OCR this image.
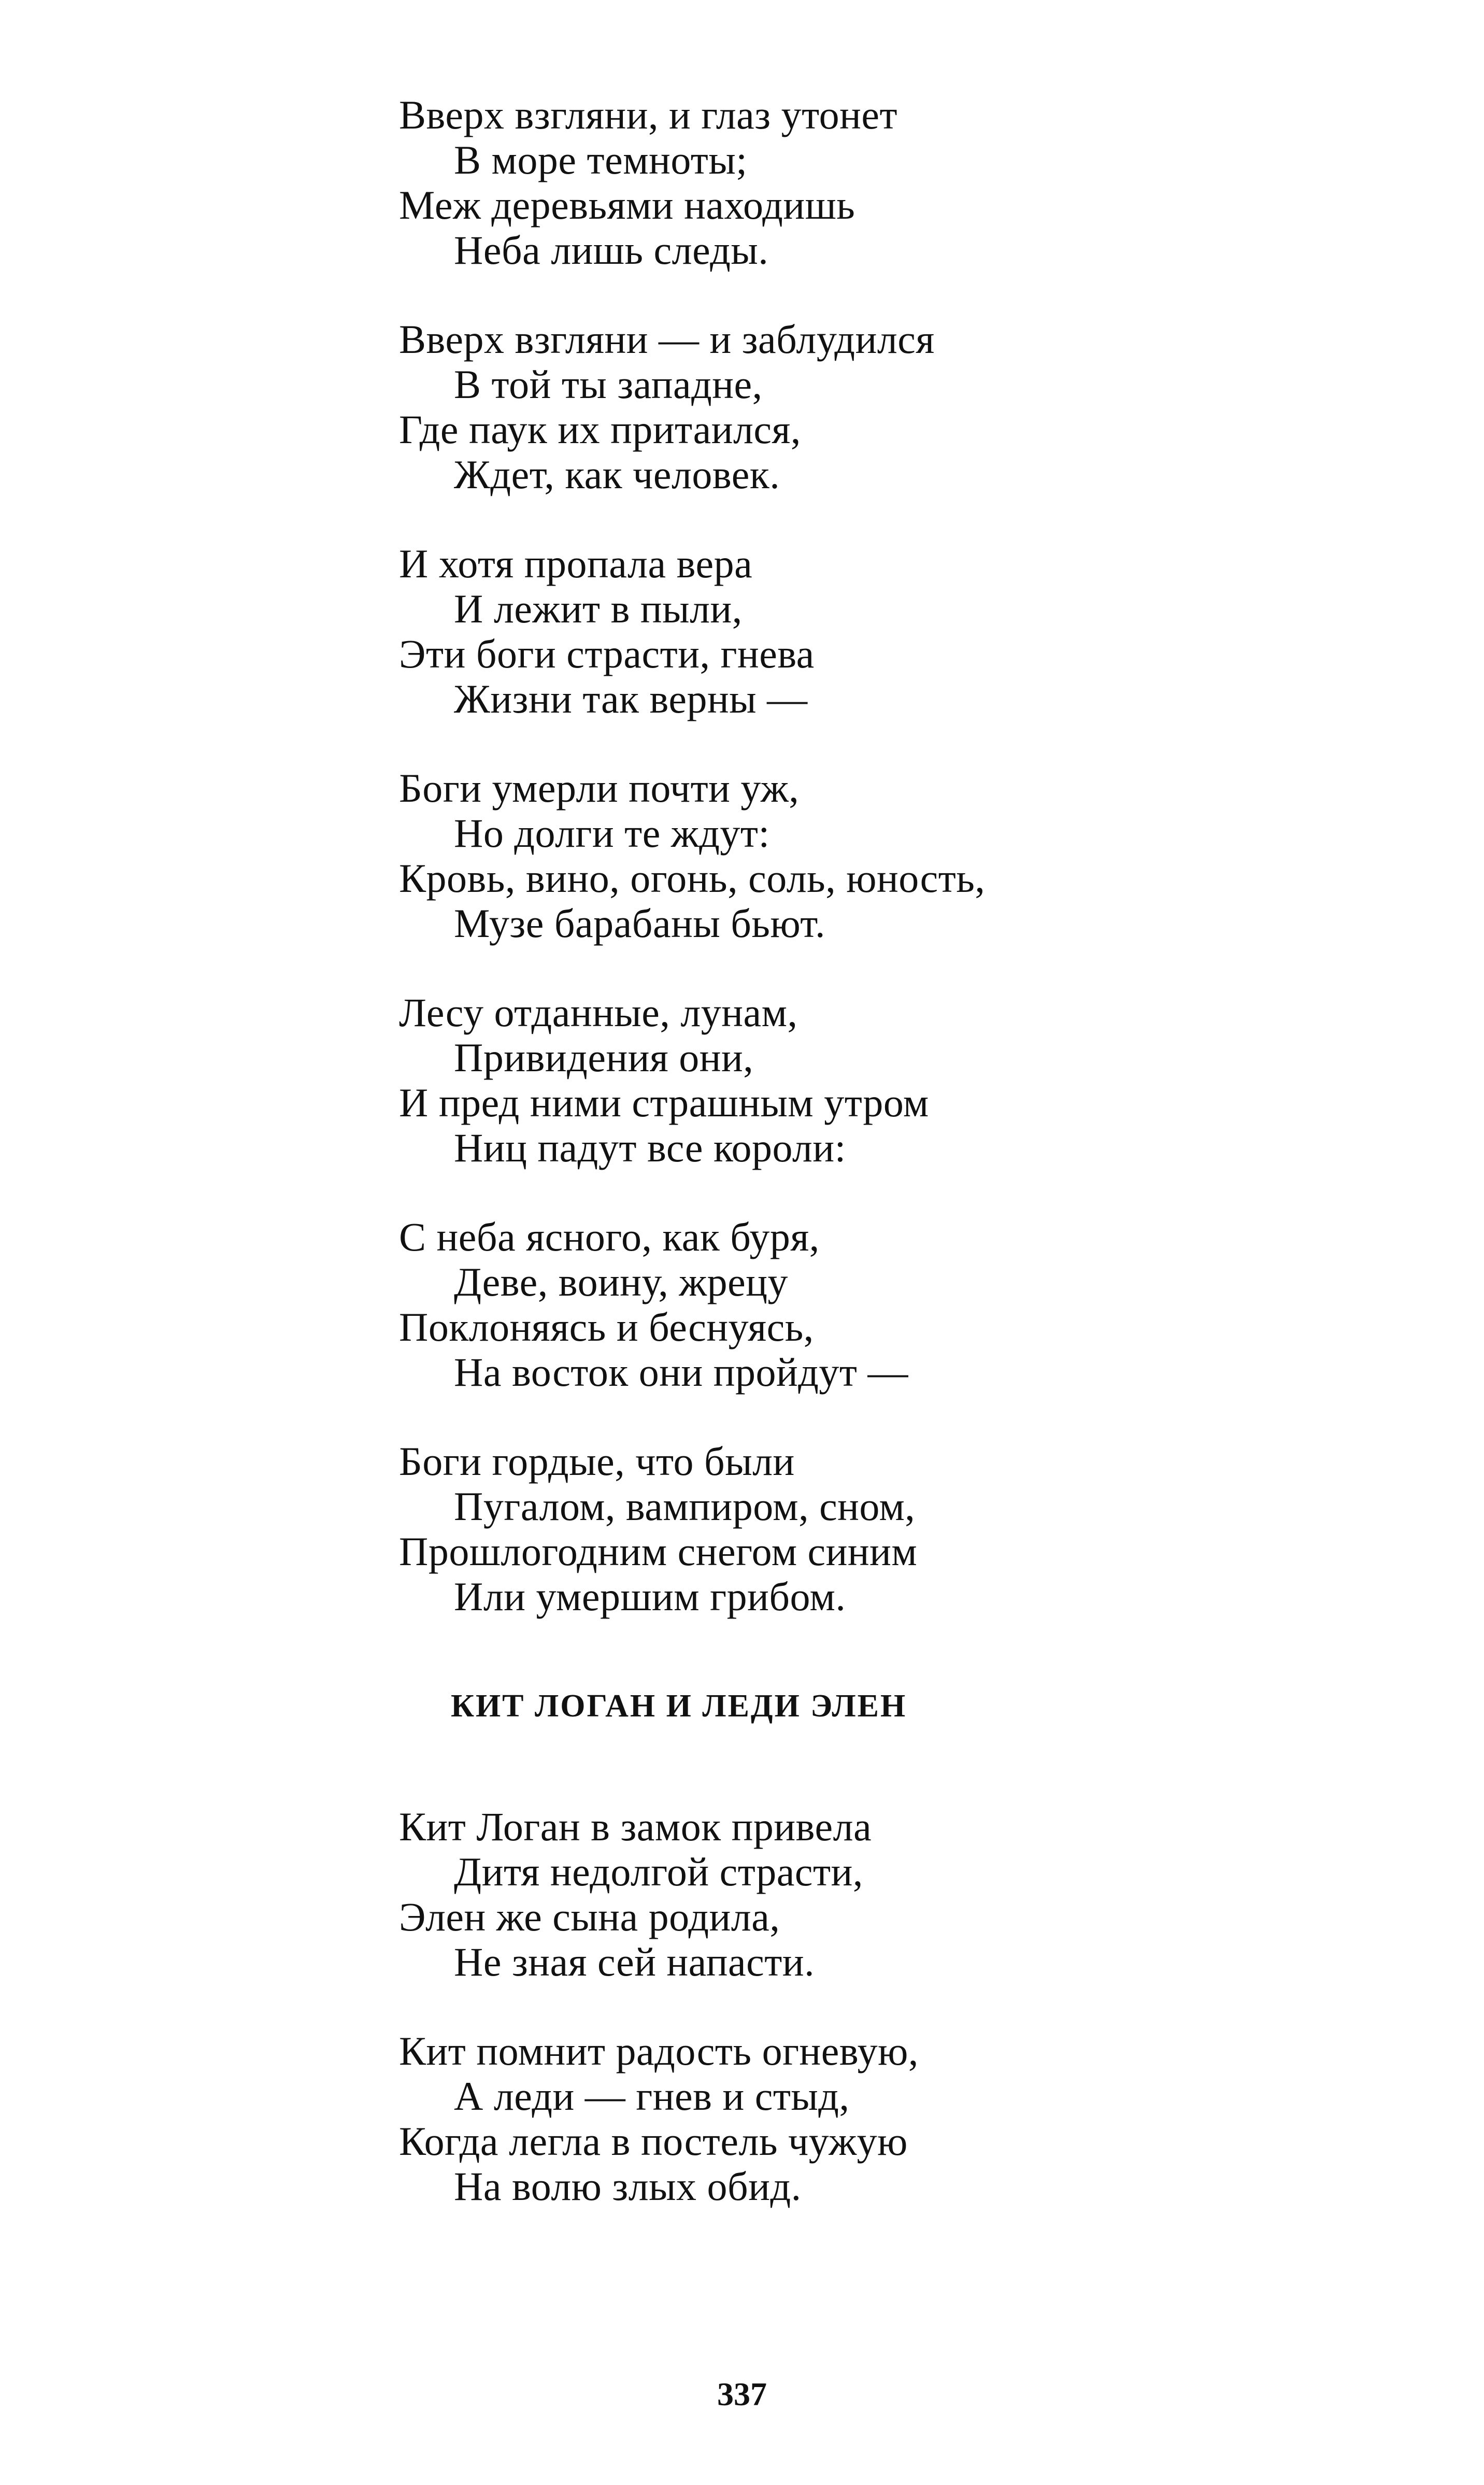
Вверх взгляни, и глаз утонет
В море темноты;
Меж деревьями находишь
Неба лишь следы.
Вверх взгляни — и заблудился
В той ты западне,
Где паук их притаился,
Ждет, как человек.
И хотя пропала вера
И лежит в пыли,
Эти боги страсти, гнева
Жизни так верны —
Боги умерли почти уж,
Но долги те ждут:
Кровь, вино, огонь, соль, юность,
Музе барабаны бьют.
Лесу отданные, лунам,
Привидения они,
И пред ними страшным утром
Ниц падут все короли:
С неба ясного, как буря,
Деве, воину, жрецу
Поклоняясь и беснуясь,
На восток они пройдут —
Боги гордые, что были
Пугалом, вампиром, сном,
Прошлогодним снегом синим
Или умершим грибом.
КИТ ЛОГАН И ЛЕДИ ЭЛЕН
Кит Логан в замок привела
Дитя недолгой страсти,
Элен же сына родила,
Не зная сей напасти.
Кит помнит радость огневую,
А леди — гнев и стыд,
Когда легла в постель чужую
На волю злых обид.
337
